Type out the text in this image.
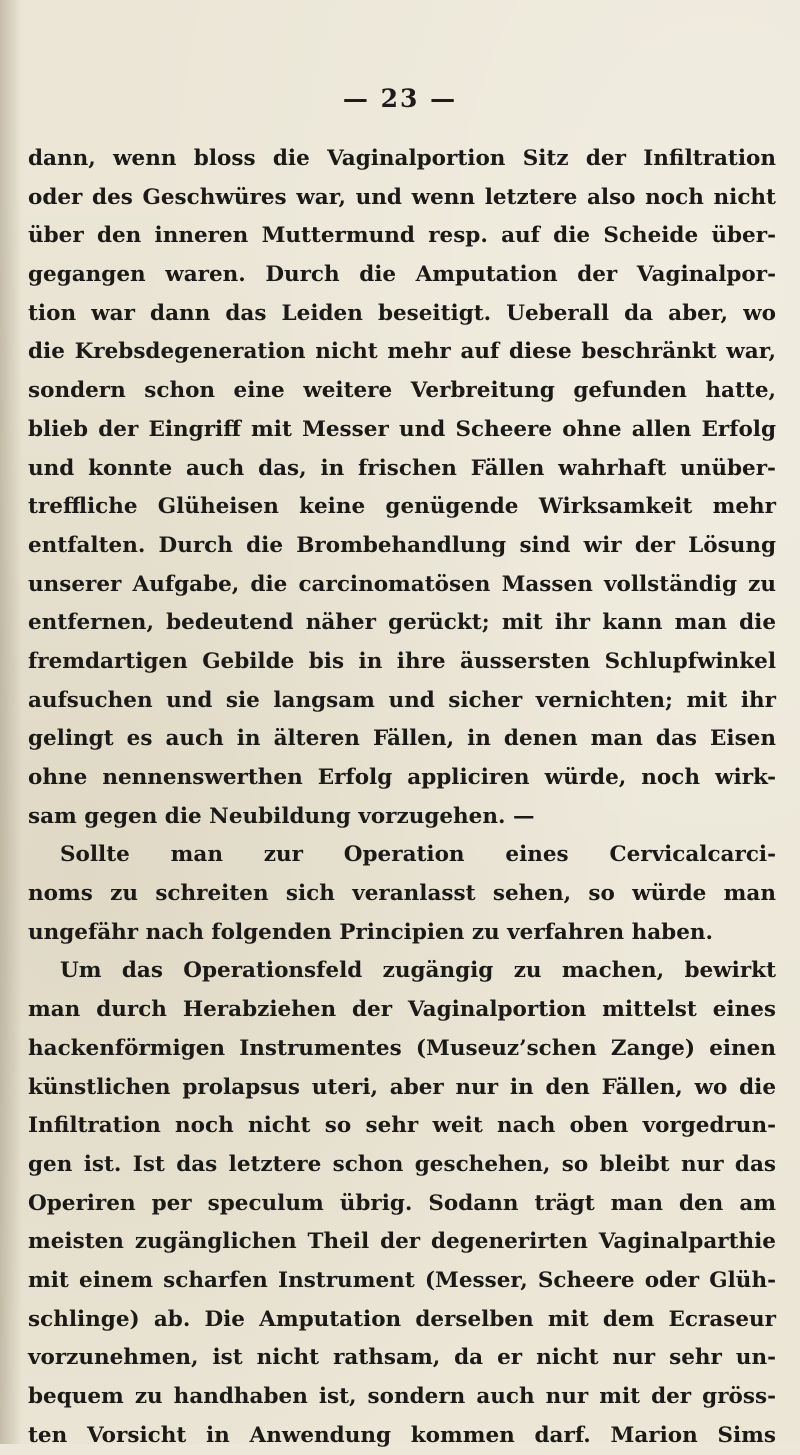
— 23 —
dann, wenn bloss die Vaginalportion Sitz der Infiltration
oder des Geschwüres war, und wenn letztere also noch nicht
über den inneren Muttermund resp. auf die Scheide über-
gegangen waren. Durch die Amputation der Vaginalpor-
tion war dann das Leiden beseitigt. Ueberall da aber, wo
die Krebsdegeneration nicht mehr auf diese beschränkt war,
sondern schon eine weitere Verbreitung gefunden hatte,
blieb der Eingriff mit Messer und Scheere ohne allen Erfolg
und konnte auch das, in frischen Fällen wahrhaft unüber-
treffliche Glüheisen keine genügende Wirksamkeit mehr
entfalten. Durch die Brombehandlung sind wir der Lösung
unserer Aufgabe, die carcinomatösen Massen vollständig zu
entfernen, bedeutend näher gerückt; mit ihr kann man die
fremdartigen Gebilde bis in ihre äussersten Schlupfwinkel
aufsuchen und sie langsam und sicher vernichten; mit ihr
gelingt es auch in älteren Fällen, in denen man das Eisen
ohne nennenswerthen Erfolg appliciren würde, noch wirk-
sam gegen die Neubildung vorzugehen. —
Sollte man zur Operation eines Cervicalcarci-
noms zu schreiten sich veranlasst sehen, so würde man
ungefähr nach folgenden Principien zu verfahren haben.
Um das Operationsfeld zugängig zu machen, bewirkt
man durch Herabziehen der Vaginalportion mittelst eines
hackenförmigen Instrumentes (Museuz’schen Zange) einen
künstlichen prolapsus uteri, aber nur in den Fällen, wo die
Infiltration noch nicht so sehr weit nach oben vorgedrun-
gen ist. Ist das letztere schon geschehen, so bleibt nur das
Operiren per speculum übrig. Sodann trägt man den am
meisten zugänglichen Theil der degenerirten Vaginalparthie
mit einem scharfen Instrument (Messer, Scheere oder Glüh-
schlinge) ab. Die Amputation derselben mit dem Ecraseur
vorzunehmen, ist nicht rathsam, da er nicht nur sehr un-
bequem zu handhaben ist, sondern auch nur mit der gröss-
ten Vorsicht in Anwendung kommen darf. Marion Sims
